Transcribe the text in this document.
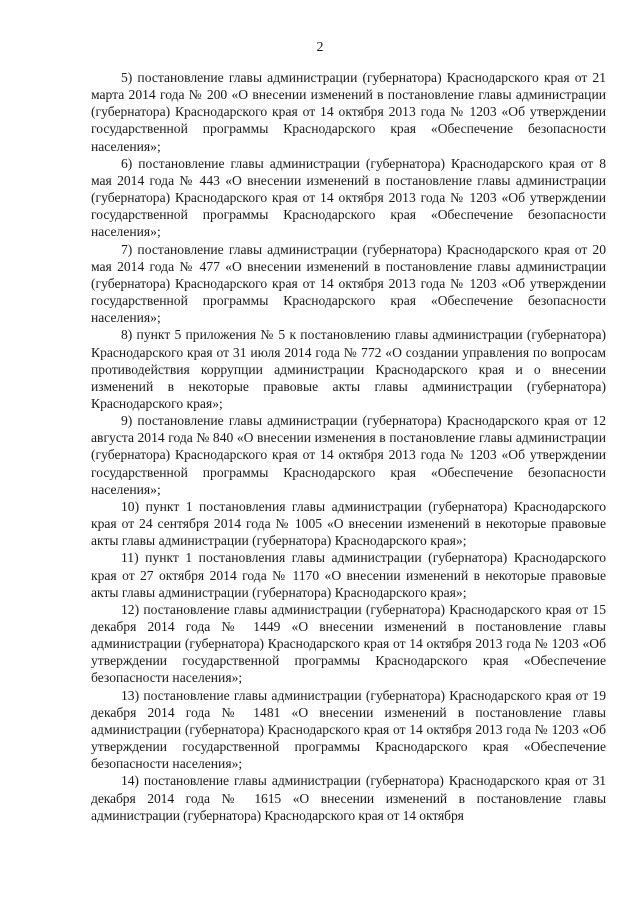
2

5) постановление главы администрации (губернатора) Краснодарского края от 21 марта 2014 года № 200 «О внесении изменений в постановление главы администрации (губернатора) Краснодарского края от 14 октября 2013 года № 1203 «Об утверждении государственной программы Краснодарского края «Обеспечение безопасности населения»;

6) постановление главы администрации (губернатора) Краснодарского края от 8 мая 2014 года № 443 «О внесении изменений в постановление главы администрации (губернатора) Краснодарского края от 14 октября 2013 года № 1203 «Об утверждении государственной программы Краснодарского края «Обеспечение безопасности населения»;

7) постановление главы администрации (губернатора) Краснодарского края от 20 мая 2014 года № 477 «О внесении изменений в постановление главы администрации (губернатора) Краснодарского края от 14 октября 2013 года № 1203 «Об утверждении государственной программы Краснодарского края «Обеспечение безопасности населения»;

8) пункт 5 приложения № 5 к постановлению главы администрации (губернатора) Краснодарского края от 31 июля 2014 года № 772 «О создании управления по вопросам противодействия коррупции администрации Краснодарского края и о внесении изменений в некоторые правовые акты главы администрации (губернатора) Краснодарского края»;

9) постановление главы администрации (губернатора) Краснодарского края от 12 августа 2014 года № 840 «О внесении изменения в постановление главы администрации (губернатора) Краснодарского края от 14 октября 2013 года № 1203 «Об утверждении государственной программы Краснодарского края «Обеспечение безопасности населения»;

10) пункт 1 постановления главы администрации (губернатора) Краснодарского края от 24 сентября 2014 года № 1005 «О внесении изменений в некоторые правовые акты главы администрации (губернатора) Краснодарского края»;

11) пункт 1 постановления главы администрации (губернатора) Краснодарского края от 27 октября 2014 года № 1170 «О внесении изменений в некоторые правовые акты главы администрации (губернатора) Краснодарского края»;

12) постановление главы администрации (губернатора) Краснодарского края от 15 декабря 2014 года № 1449 «О внесении изменений в постановление главы администрации (губернатора) Краснодарского края от 14 октября 2013 года № 1203 «Об утверждении государственной программы Краснодарского края «Обеспечение безопасности населения»;

13) постановление главы администрации (губернатора) Краснодарского края от 19 декабря 2014 года № 1481 «О внесении изменений в постановление главы администрации (губернатора) Краснодарского края от 14 октября 2013 года № 1203 «Об утверждении государственной программы Краснодарского края «Обеспечение безопасности населения»;

14) постановление главы администрации (губернатора) Краснодарского края от 31 декабря 2014 года № 1615 «О внесении изменений в постановление главы администрации (губернатора) Краснодарского края от 14 октября
